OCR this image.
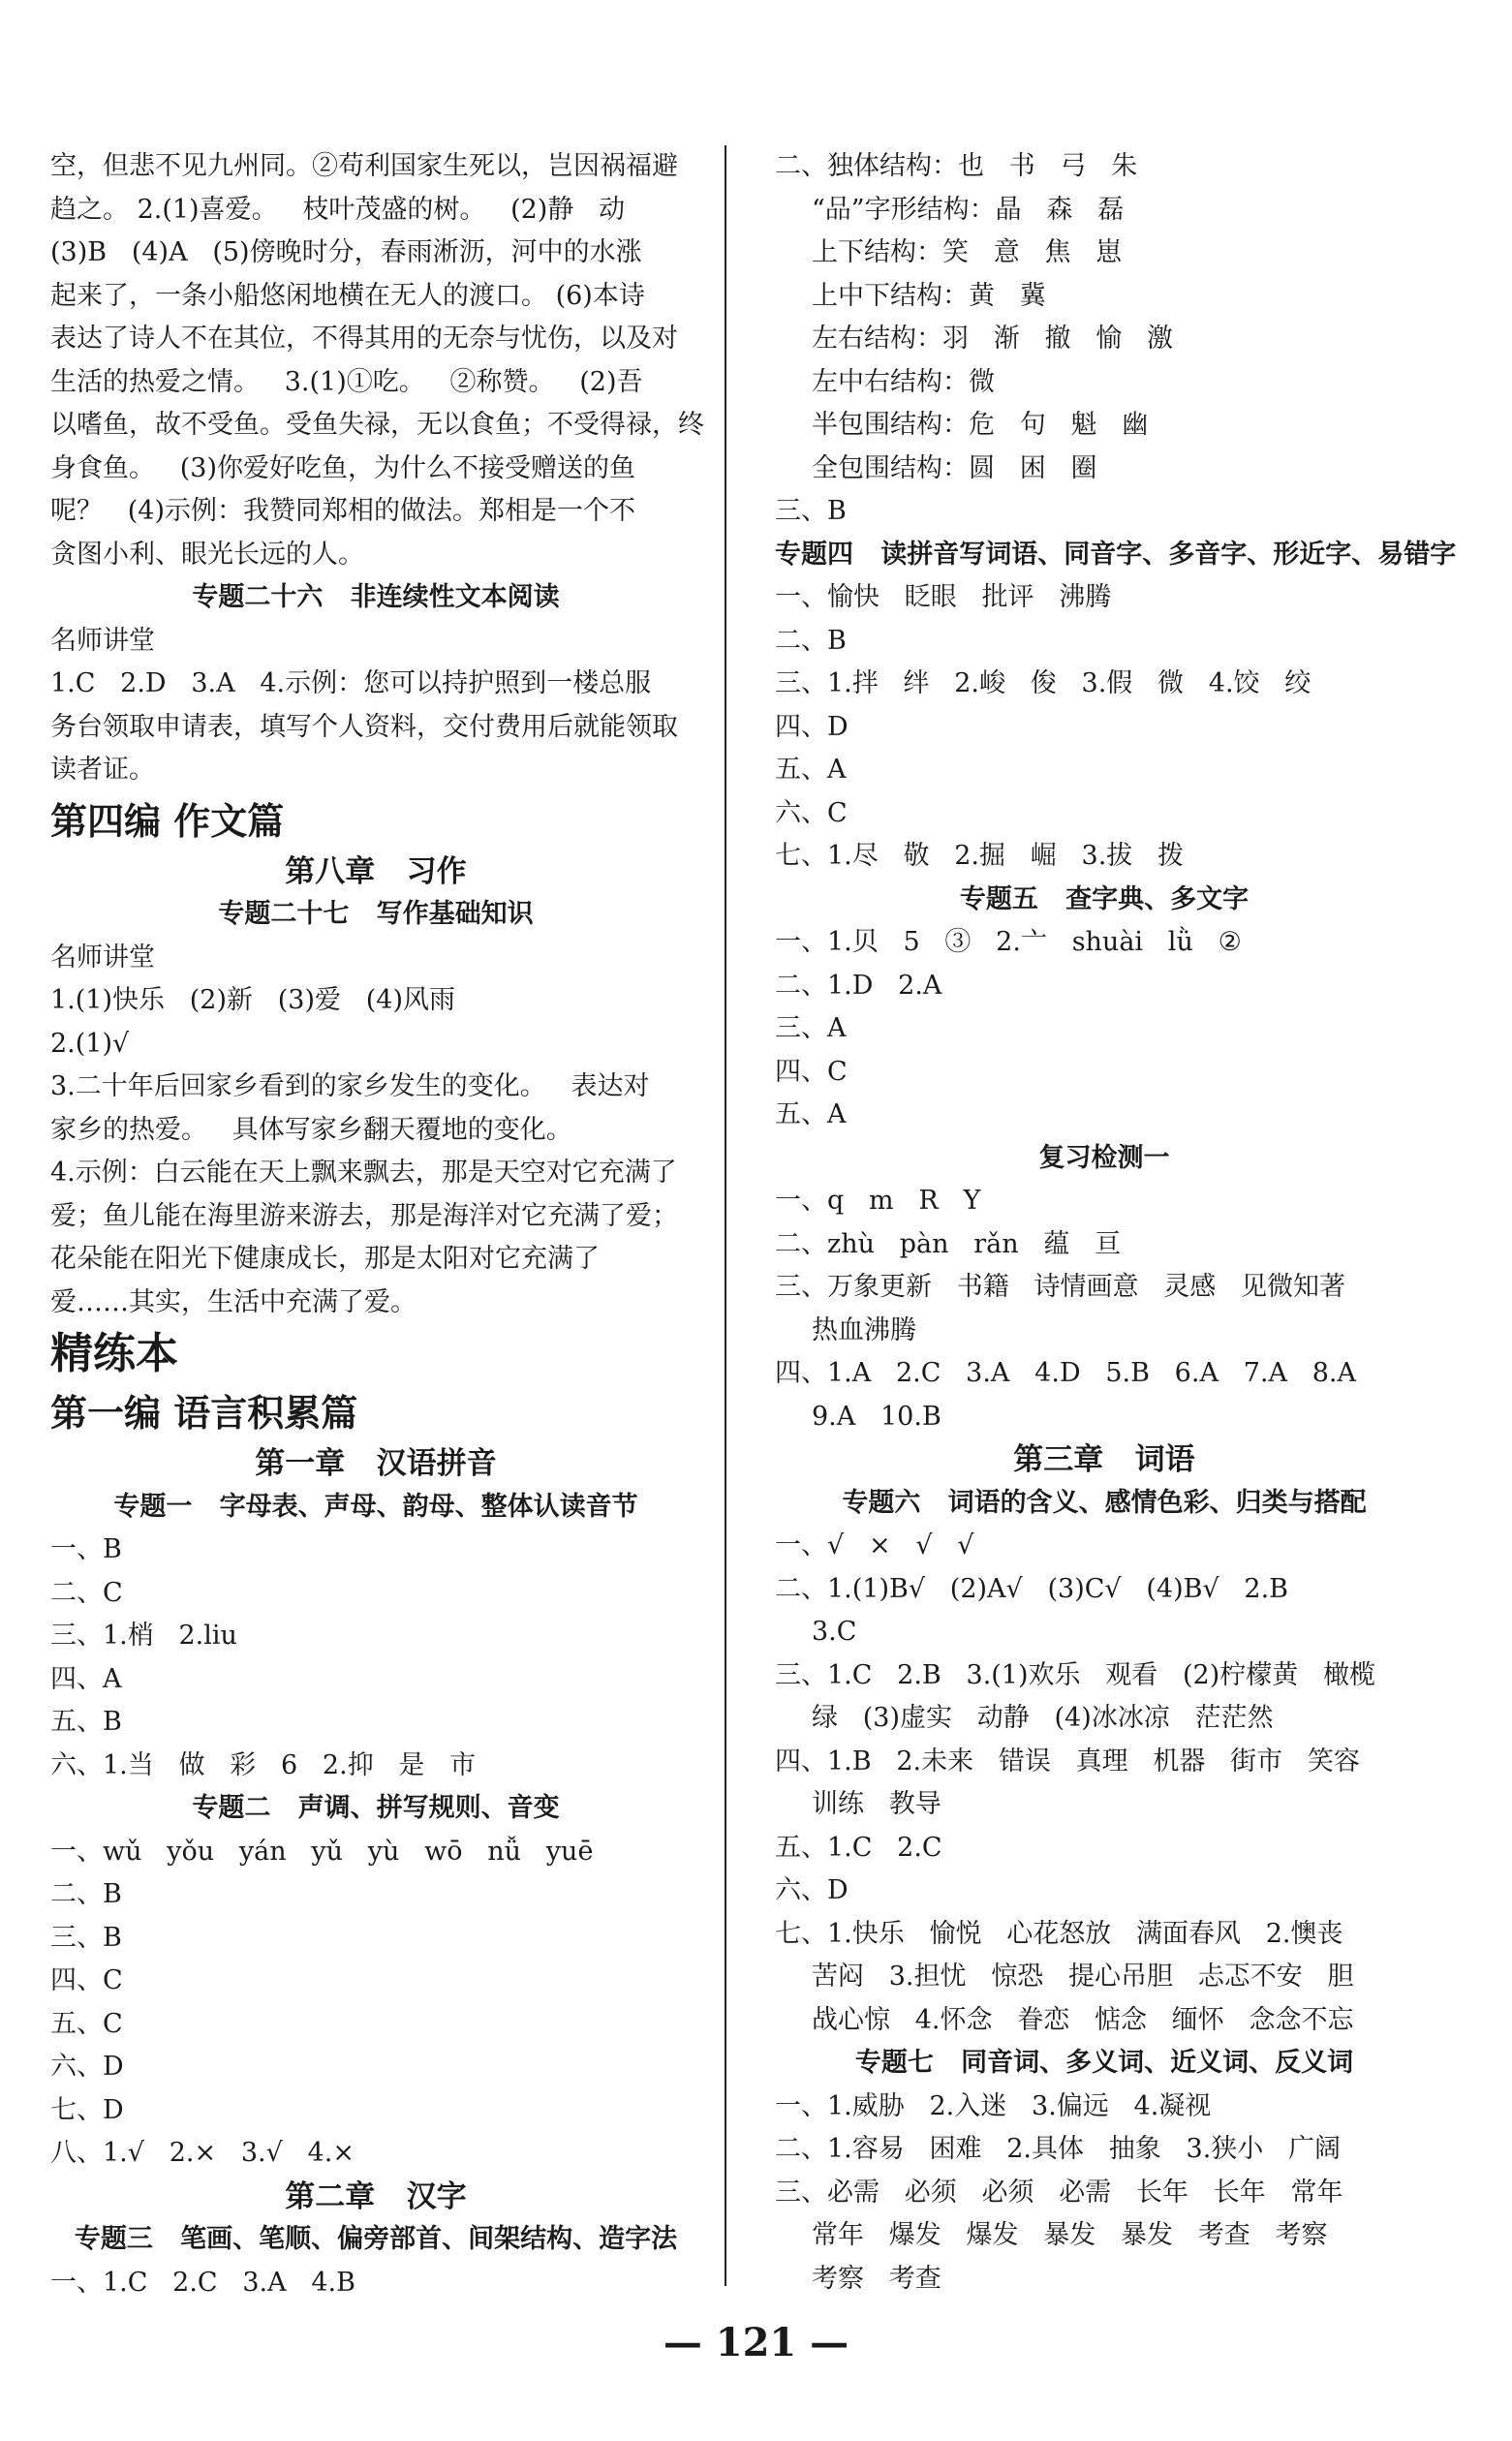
空，但悲不见九州同。②苟利国家生死以，岂因祸福避
趋之。 2.(1)喜爱。   枝叶茂盛的树。   (2)静   动
(3)B   (4)A   (5)傍晚时分，春雨淅沥，河中的水涨
起来了，一条小船悠闲地横在无人的渡口。 (6)本诗
表达了诗人不在其位，不得其用的无奈与忧伤，以及对
生活的热爱之情。   3.(1)①吃。   ②称赞。   (2)吾
以嗜鱼，故不受鱼。受鱼失禄，无以食鱼；不受得禄，终
身食鱼。   (3)你爱好吃鱼，为什么不接受赠送的鱼
呢？   (4)示例：我赞同郑相的做法。郑相是一个不
贪图小利、眼光长远的人。
专题二十六   非连续性文本阅读
名师讲堂
1.C   2.D   3.A   4.示例：您可以持护照到一楼总服
务台领取申请表，填写个人资料，交付费用后就能领取
读者证。
第四编 作文篇
第八章   习作
专题二十七   写作基础知识
名师讲堂
1.(1)快乐   (2)新   (3)爱   (4)风雨
2.(1)√
3.二十年后回家乡看到的家乡发生的变化。   表达对
家乡的热爱。   具体写家乡翻天覆地的变化。
4.示例：白云能在天上飘来飘去，那是天空对它充满了
爱；鱼儿能在海里游来游去，那是海洋对它充满了爱；
花朵能在阳光下健康成长，那是太阳对它充满了
爱……其实，生活中充满了爱。
精练本
第一编 语言积累篇
第一章   汉语拼音
专题一   字母表、声母、韵母、整体认读音节
一、B
二、C
三、1.梢   2.liu
四、A
五、B
六、1.当   做   彩   6   2.抑   是   市
专题二   声调、拼写规则、音变
一、wǔ   yǒu   yán   yǔ   yù   wō   nǚ   yuē
二、B
三、B
四、C
五、C
六、D
七、D
八、1.√   2.×   3.√   4.×
第二章   汉字
专题三   笔画、笔顺、偏旁部首、间架结构、造字法
一、1.C   2.C   3.A   4.B
二、独体结构：也   书   弓   朱
“品”字形结构：晶   森   磊
上下结构：笑   意   焦   崽
上中下结构：黄   冀
左右结构：羽   渐   撤   愉   激
左中右结构：微
半包围结构：危   句   魁   幽
全包围结构：圆   困   圈
三、B
专题四   读拼音写词语、同音字、多音字、形近字、易错字
一、愉快   眨眼   批评   沸腾
二、B
三、1.拌   绊   2.峻   俊   3.假   微   4.饺   绞
四、D
五、A
六、C
七、1.尽   敬   2.掘   崛   3.拔   拨
专题五   查字典、多文字
一、1.贝   5   ③   2.亠   shuài   lǜ   ②
二、1.D   2.A
三、A
四、C
五、A
复习检测一
一、q   m   R   Y
二、zhù   pàn   rǎn   蕴   亘
三、万象更新   书籍   诗情画意   灵感   见微知著
热血沸腾
四、1.A   2.C   3.A   4.D   5.B   6.A   7.A   8.A
9.A   10.B
第三章   词语
专题六   词语的含义、感情色彩、归类与搭配
一、√   ×   √   √
二、1.(1)B√   (2)A√   (3)C√   (4)B√   2.B
3.C
三、1.C   2.B   3.(1)欢乐   观看   (2)柠檬黄   橄榄
绿   (3)虚实   动静   (4)冰冰凉   茫茫然
四、1.B   2.未来   错误   真理   机器   街市   笑容
训练   教导
五、1.C   2.C
六、D
七、1.快乐   愉悦   心花怒放   满面春风   2.懊丧
苦闷   3.担忧   惊恐   提心吊胆   忐忑不安   胆
战心惊   4.怀念   眷恋   惦念   缅怀   念念不忘
专题七   同音词、多义词、近义词、反义词
一、1.威胁   2.入迷   3.偏远   4.凝视
二、1.容易   困难   2.具体   抽象   3.狭小   广阔
三、必需   必须   必须   必需   长年   长年   常年
常年   爆发   爆发   暴发   暴发   考查   考察
考察   考查
— 121 —
